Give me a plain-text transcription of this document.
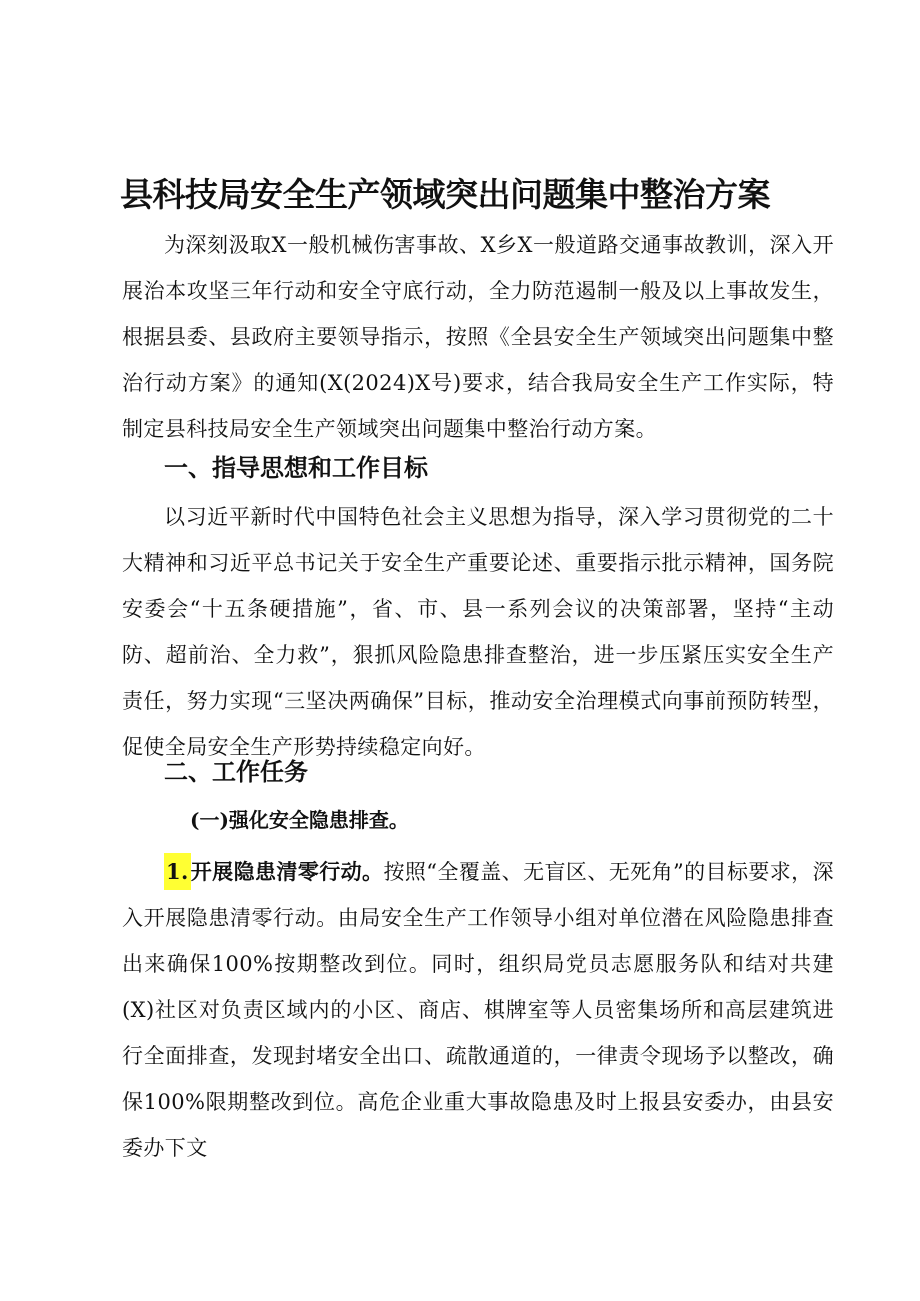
县科技局安全生产领域突出问题集中整治方案

为深刻汲取X一般机械伤害事故、X乡X一般道路交通事故教训，深入开展治本攻坚三年行动和安全守底行动，全力防范遏制一般及以上事故发生，根据县委、县政府主要领导指示，按照《全县安全生产领域突出问题集中整治行动方案》的通知(X(2024)X号)要求，结合我局安全生产工作实际，特制定县科技局安全生产领域突出问题集中整治行动方案。

一、指导思想和工作目标

以习近平新时代中国特色社会主义思想为指导，深入学习贯彻党的二十大精神和习近平总书记关于安全生产重要论述、重要指示批示精神，国务院安委会“十五条硬措施”，省、市、县一系列会议的决策部署，坚持“主动防、超前治、全力救”，狠抓风险隐患排查整治，进一步压紧压实安全生产责任，努力实现“三坚决两确保”目标，推动安全治理模式向事前预防转型，促使全局安全生产形势持续稳定向好。

二、工作任务
(一)强化安全隐患排查。

1.开展隐患清零行动。按照“全覆盖、无盲区、无死角”的目标要求，深入开展隐患清零行动。由局安全生产工作领导小组对单位潜在风险隐患排查出来确保100%按期整改到位。同时，组织局党员志愿服务队和结对共建(X)社区对负责区域内的小区、商店、棋牌室等人员密集场所和高层建筑进行全面排查，发现封堵安全出口、疏散通道的，一律责令现场予以整改，确保100%限期整改到位。高危企业重大事故隐患及时上报县安委办，由县安委办下文
